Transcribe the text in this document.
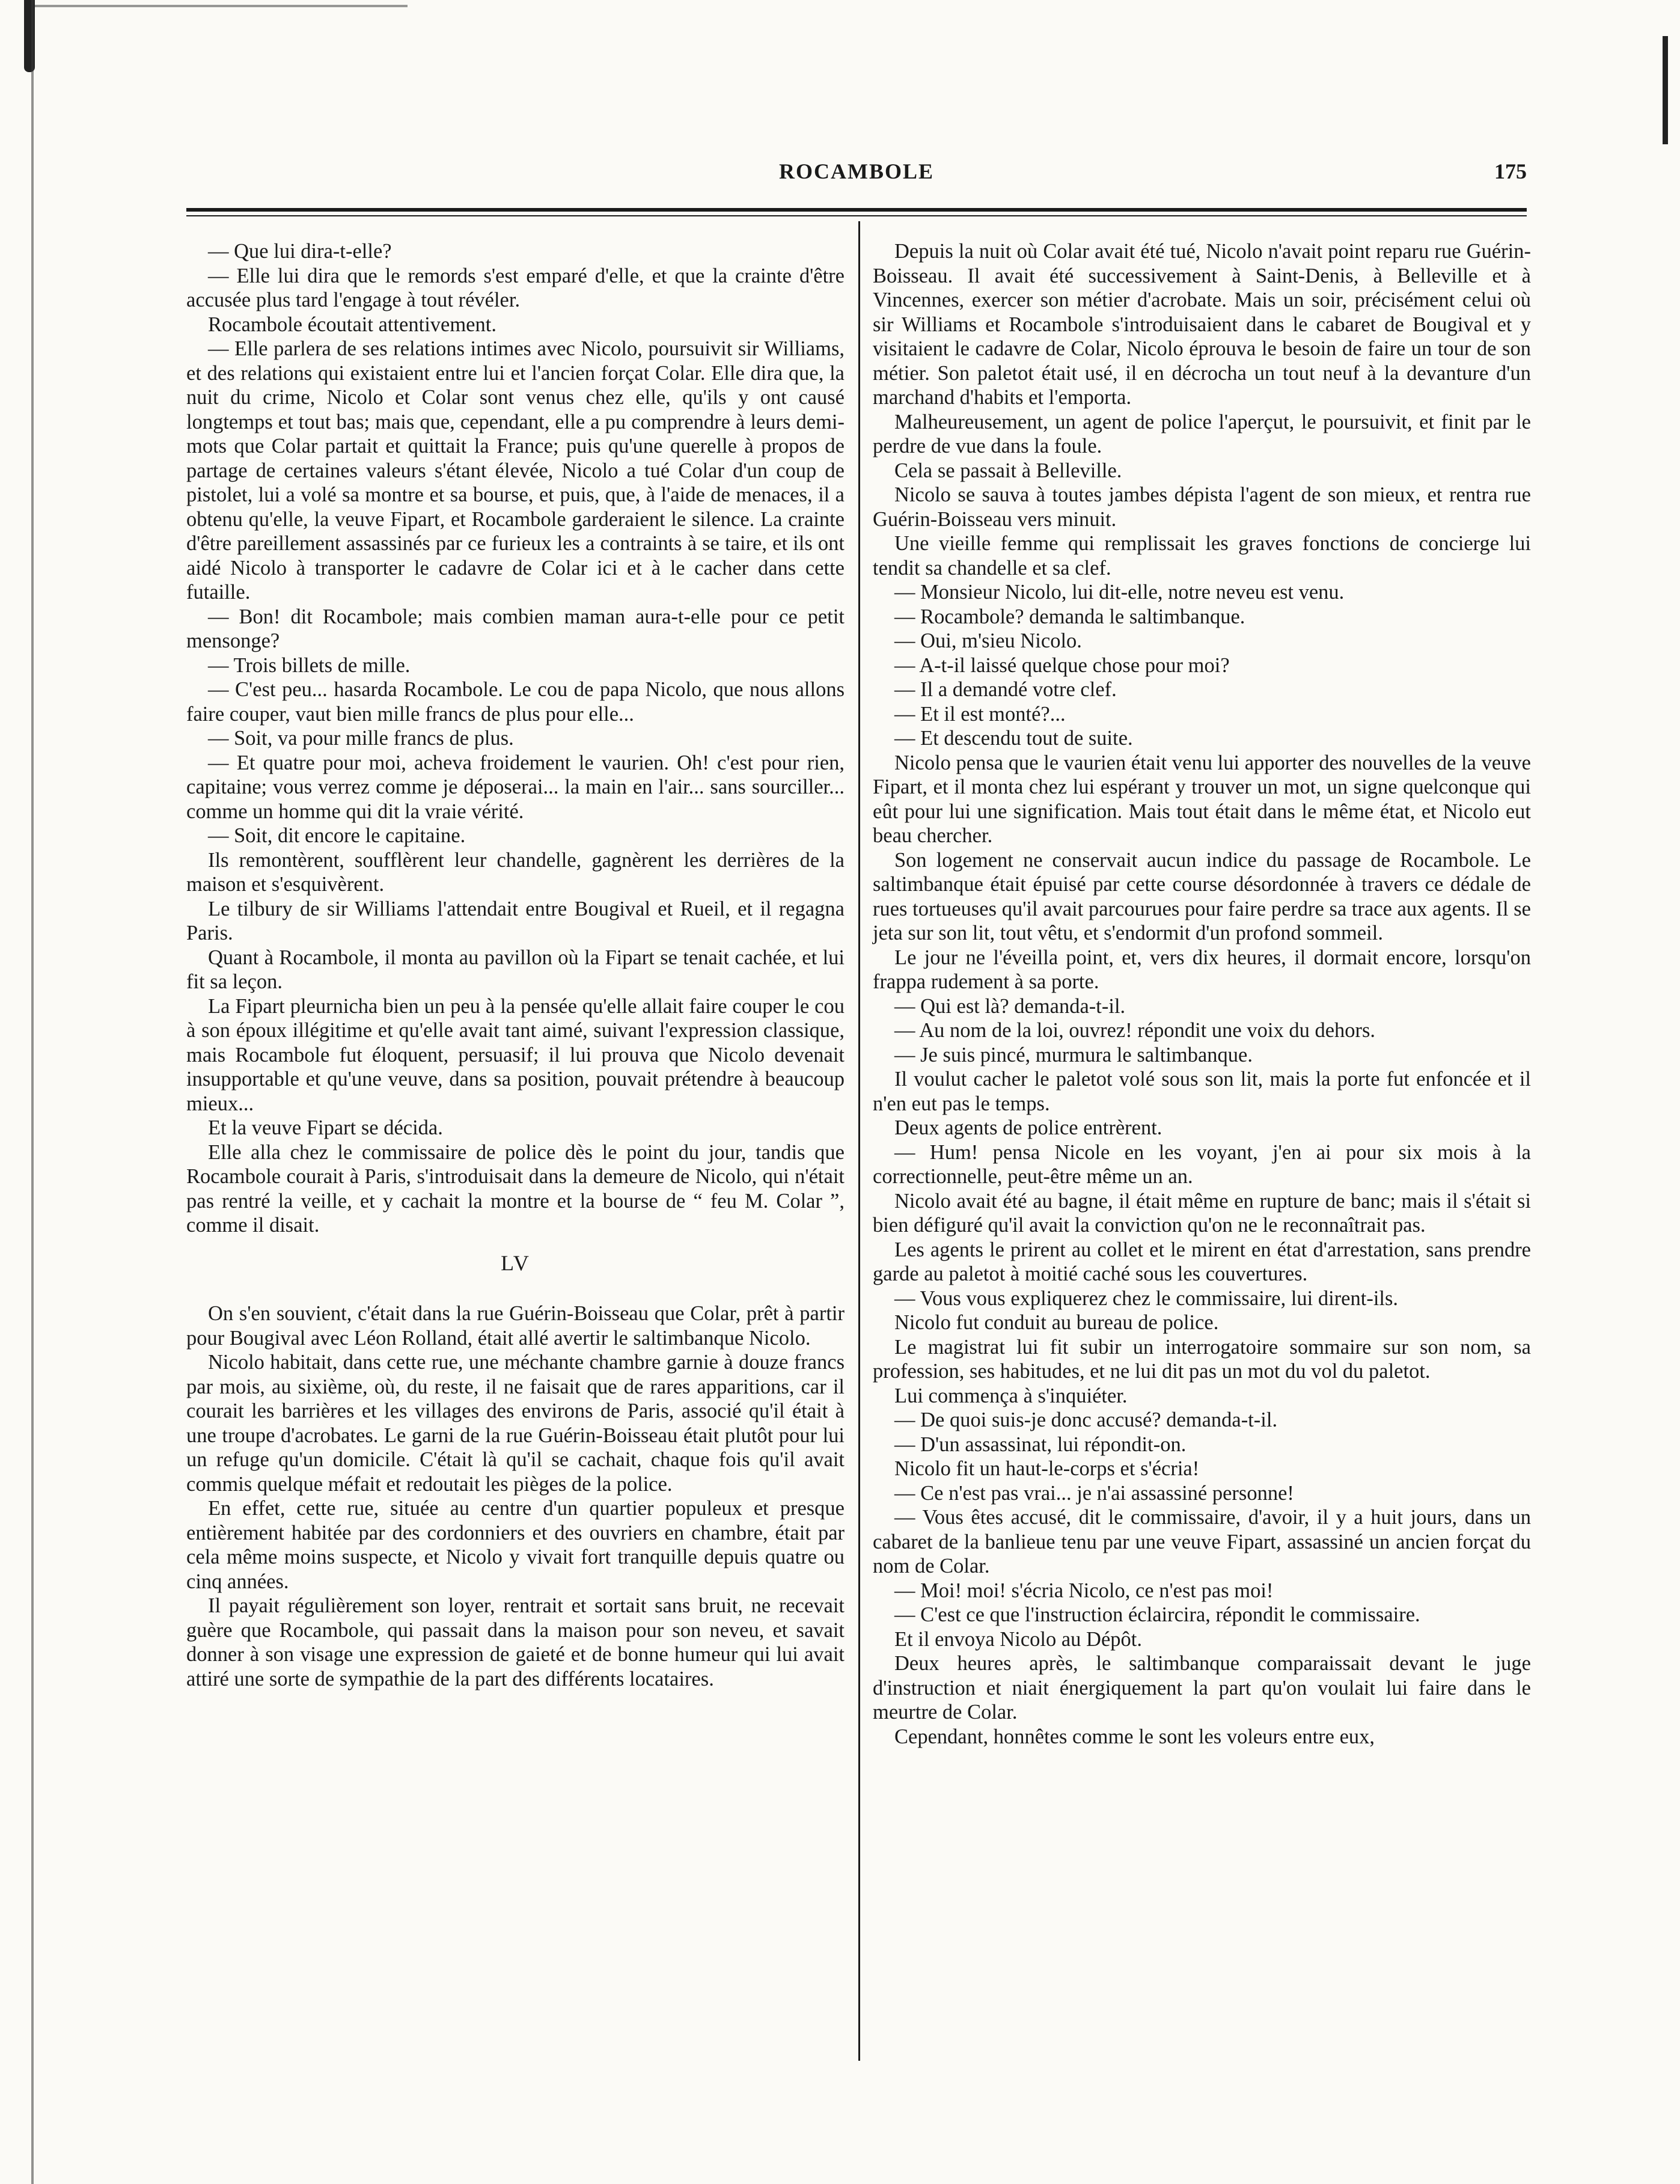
ROCAMBOLE	175

— Que lui dira-t-elle?

— Elle lui dira que le remords s'est emparé d'elle, et que la crainte d'être accusée plus tard l'engage à tout révéler.

Rocambole écoutait attentivement.

— Elle parlera de ses relations intimes avec Nicolo, poursuivit sir Williams, et des relations qui existaient entre lui et l'ancien forçat Colar. Elle dira que, la nuit du crime, Nicolo et Colar sont venus chez elle, qu'ils y ont causé longtemps et tout bas; mais que, cependant, elle a pu comprendre à leurs demi-mots que Colar partait et quittait la France; puis qu'une querelle à propos de partage de certaines valeurs s'étant élevée, Nicolo a tué Colar d'un coup de pistolet, lui a volé sa montre et sa bourse, et puis, que, à l'aide de menaces, il a obtenu qu'elle, la veuve Fipart, et Rocambole garderaient le silence. La crainte d'être pareillement assassinés par ce furieux les a contraints à se taire, et ils ont aidé Nicolo à transporter le cadavre de Colar ici et à le cacher dans cette futaille.

— Bon! dit Rocambole; mais combien maman aura-t-elle pour ce petit mensonge?

— Trois billets de mille.

— C'est peu... hasarda Rocambole. Le cou de papa Nicolo, que nous allons faire couper, vaut bien mille francs de plus pour elle...

— Soit, va pour mille francs de plus.

— Et quatre pour moi, acheva froidement le vaurien. Oh! c'est pour rien, capitaine; vous verrez comme je déposerai... la main en l'air... sans sourciller... comme un homme qui dit la vraie vérité.

— Soit, dit encore le capitaine.

Ils remontèrent, soufflèrent leur chandelle, gagnèrent les derrières de la maison et s'esquivèrent.

Le tilbury de sir Williams l'attendait entre Bougival et Rueil, et il regagna Paris.

Quant à Rocambole, il monta au pavillon où la Fipart se tenait cachée, et lui fit sa leçon.

La Fipart pleurnicha bien un peu à la pensée qu'elle allait faire couper le cou à son époux illégitime et qu'elle avait tant aimé, suivant l'expression classique, mais Rocambole fut éloquent, persuasif; il lui prouva que Nicolo devenait insupportable et qu'une veuve, dans sa position, pouvait prétendre à beaucoup mieux...

Et la veuve Fipart se décida.

Elle alla chez le commissaire de police dès le point du jour, tandis que Rocambole courait à Paris, s'introduisait dans la demeure de Nicolo, qui n'était pas rentré la veille, et y cachait la montre et la bourse de “ feu M. Colar ”, comme il disait.

LV

On s'en souvient, c'était dans la rue Guérin-Boisseau que Colar, prêt à partir pour Bougival avec Léon Rolland, était allé avertir le saltimbanque Nicolo.

Nicolo habitait, dans cette rue, une méchante chambre garnie à douze francs par mois, au sixième, où, du reste, il ne faisait que de rares apparitions, car il courait les barrières et les villages des environs de Paris, associé qu'il était à une troupe d'acrobates. Le garni de la rue Guérin-Boisseau était plutôt pour lui un refuge qu'un domicile. C'était là qu'il se cachait, chaque fois qu'il avait commis quelque méfait et redoutait les pièges de la police.

En effet, cette rue, située au centre d'un quartier populeux et presque entièrement habitée par des cordonniers et des ouvriers en chambre, était par cela même moins suspecte, et Nicolo y vivait fort tranquille depuis quatre ou cinq années.

Il payait régulièrement son loyer, rentrait et sortait sans bruit, ne recevait guère que Rocambole, qui passait dans la maison pour son neveu, et savait donner à son visage une expression de gaieté et de bonne humeur qui lui avait attiré une sorte de sympathie de la part des différents locataires.

Depuis la nuit où Colar avait été tué, Nicolo n'avait point reparu rue Guérin-Boisseau. Il avait été successivement à Saint-Denis, à Belleville et à Vincennes, exercer son métier d'acrobate. Mais un soir, précisément celui où sir Williams et Rocambole s'introduisaient dans le cabaret de Bougival et y visitaient le cadavre de Colar, Nicolo éprouva le besoin de faire un tour de son métier. Son paletot était usé, il en décrocha un tout neuf à la devanture d'un marchand d'habits et l'emporta.

Malheureusement, un agent de police l'aperçut, le poursuivit, et finit par le perdre de vue dans la foule.

Cela se passait à Belleville.

Nicolo se sauva à toutes jambes dépista l'agent de son mieux, et rentra rue Guérin-Boisseau vers minuit.

Une vieille femme qui remplissait les graves fonctions de concierge lui tendit sa chandelle et sa clef.

— Monsieur Nicolo, lui dit-elle, notre neveu est venu.

— Rocambole? demanda le saltimbanque.

— Oui, m'sieu Nicolo.

— A-t-il laissé quelque chose pour moi?

— Il a demandé votre clef.

— Et il est monté?...

— Et descendu tout de suite.

Nicolo pensa que le vaurien était venu lui apporter des nouvelles de la veuve Fipart, et il monta chez lui espérant y trouver un mot, un signe quelconque qui eût pour lui une signification. Mais tout était dans le même état, et Nicolo eut beau chercher.

Son logement ne conservait aucun indice du passage de Rocambole. Le saltimbanque était épuisé par cette course désordonnée à travers ce dédale de rues tortueuses qu'il avait parcourues pour faire perdre sa trace aux agents. Il se jeta sur son lit, tout vêtu, et s'endormit d'un profond sommeil.

Le jour ne l'éveilla point, et, vers dix heures, il dormait encore, lorsqu'on frappa rudement à sa porte.

— Qui est là? demanda-t-il.

— Au nom de la loi, ouvrez! répondit une voix du dehors.

— Je suis pincé, murmura le saltimbanque.

Il voulut cacher le paletot volé sous son lit, mais la porte fut enfoncée et il n'en eut pas le temps.

Deux agents de police entrèrent.

— Hum! pensa Nicole en les voyant, j'en ai pour six mois à la correctionnelle, peut-être même un an.

Nicolo avait été au bagne, il était même en rupture de banc; mais il s'était si bien défiguré qu'il avait la conviction qu'on ne le reconnaîtrait pas.

Les agents le prirent au collet et le mirent en état d'arrestation, sans prendre garde au paletot à moitié caché sous les couvertures.

— Vous vous expliquerez chez le commissaire, lui dirent-ils.

Nicolo fut conduit au bureau de police.

Le magistrat lui fit subir un interrogatoire sommaire sur son nom, sa profession, ses habitudes, et ne lui dit pas un mot du vol du paletot.

Lui commença à s'inquiéter.

— De quoi suis-je donc accusé? demanda-t-il.

— D'un assassinat, lui répondit-on.

Nicolo fit un haut-le-corps et s'écria!

— Ce n'est pas vrai... je n'ai assassiné personne!

— Vous êtes accusé, dit le commissaire, d'avoir, il y a huit jours, dans un cabaret de la banlieue tenu par une veuve Fipart, assassiné un ancien forçat du nom de Colar.

— Moi! moi! s'écria Nicolo, ce n'est pas moi!

— C'est ce que l'instruction éclaircira, répondit le commissaire.

Et il envoya Nicolo au Dépôt.

Deux heures après, le saltimbanque comparaissait devant le juge d'instruction et niait énergiquement la part qu'on voulait lui faire dans le meurtre de Colar.

Cependant, honnêtes comme le sont les voleurs entre eux,
